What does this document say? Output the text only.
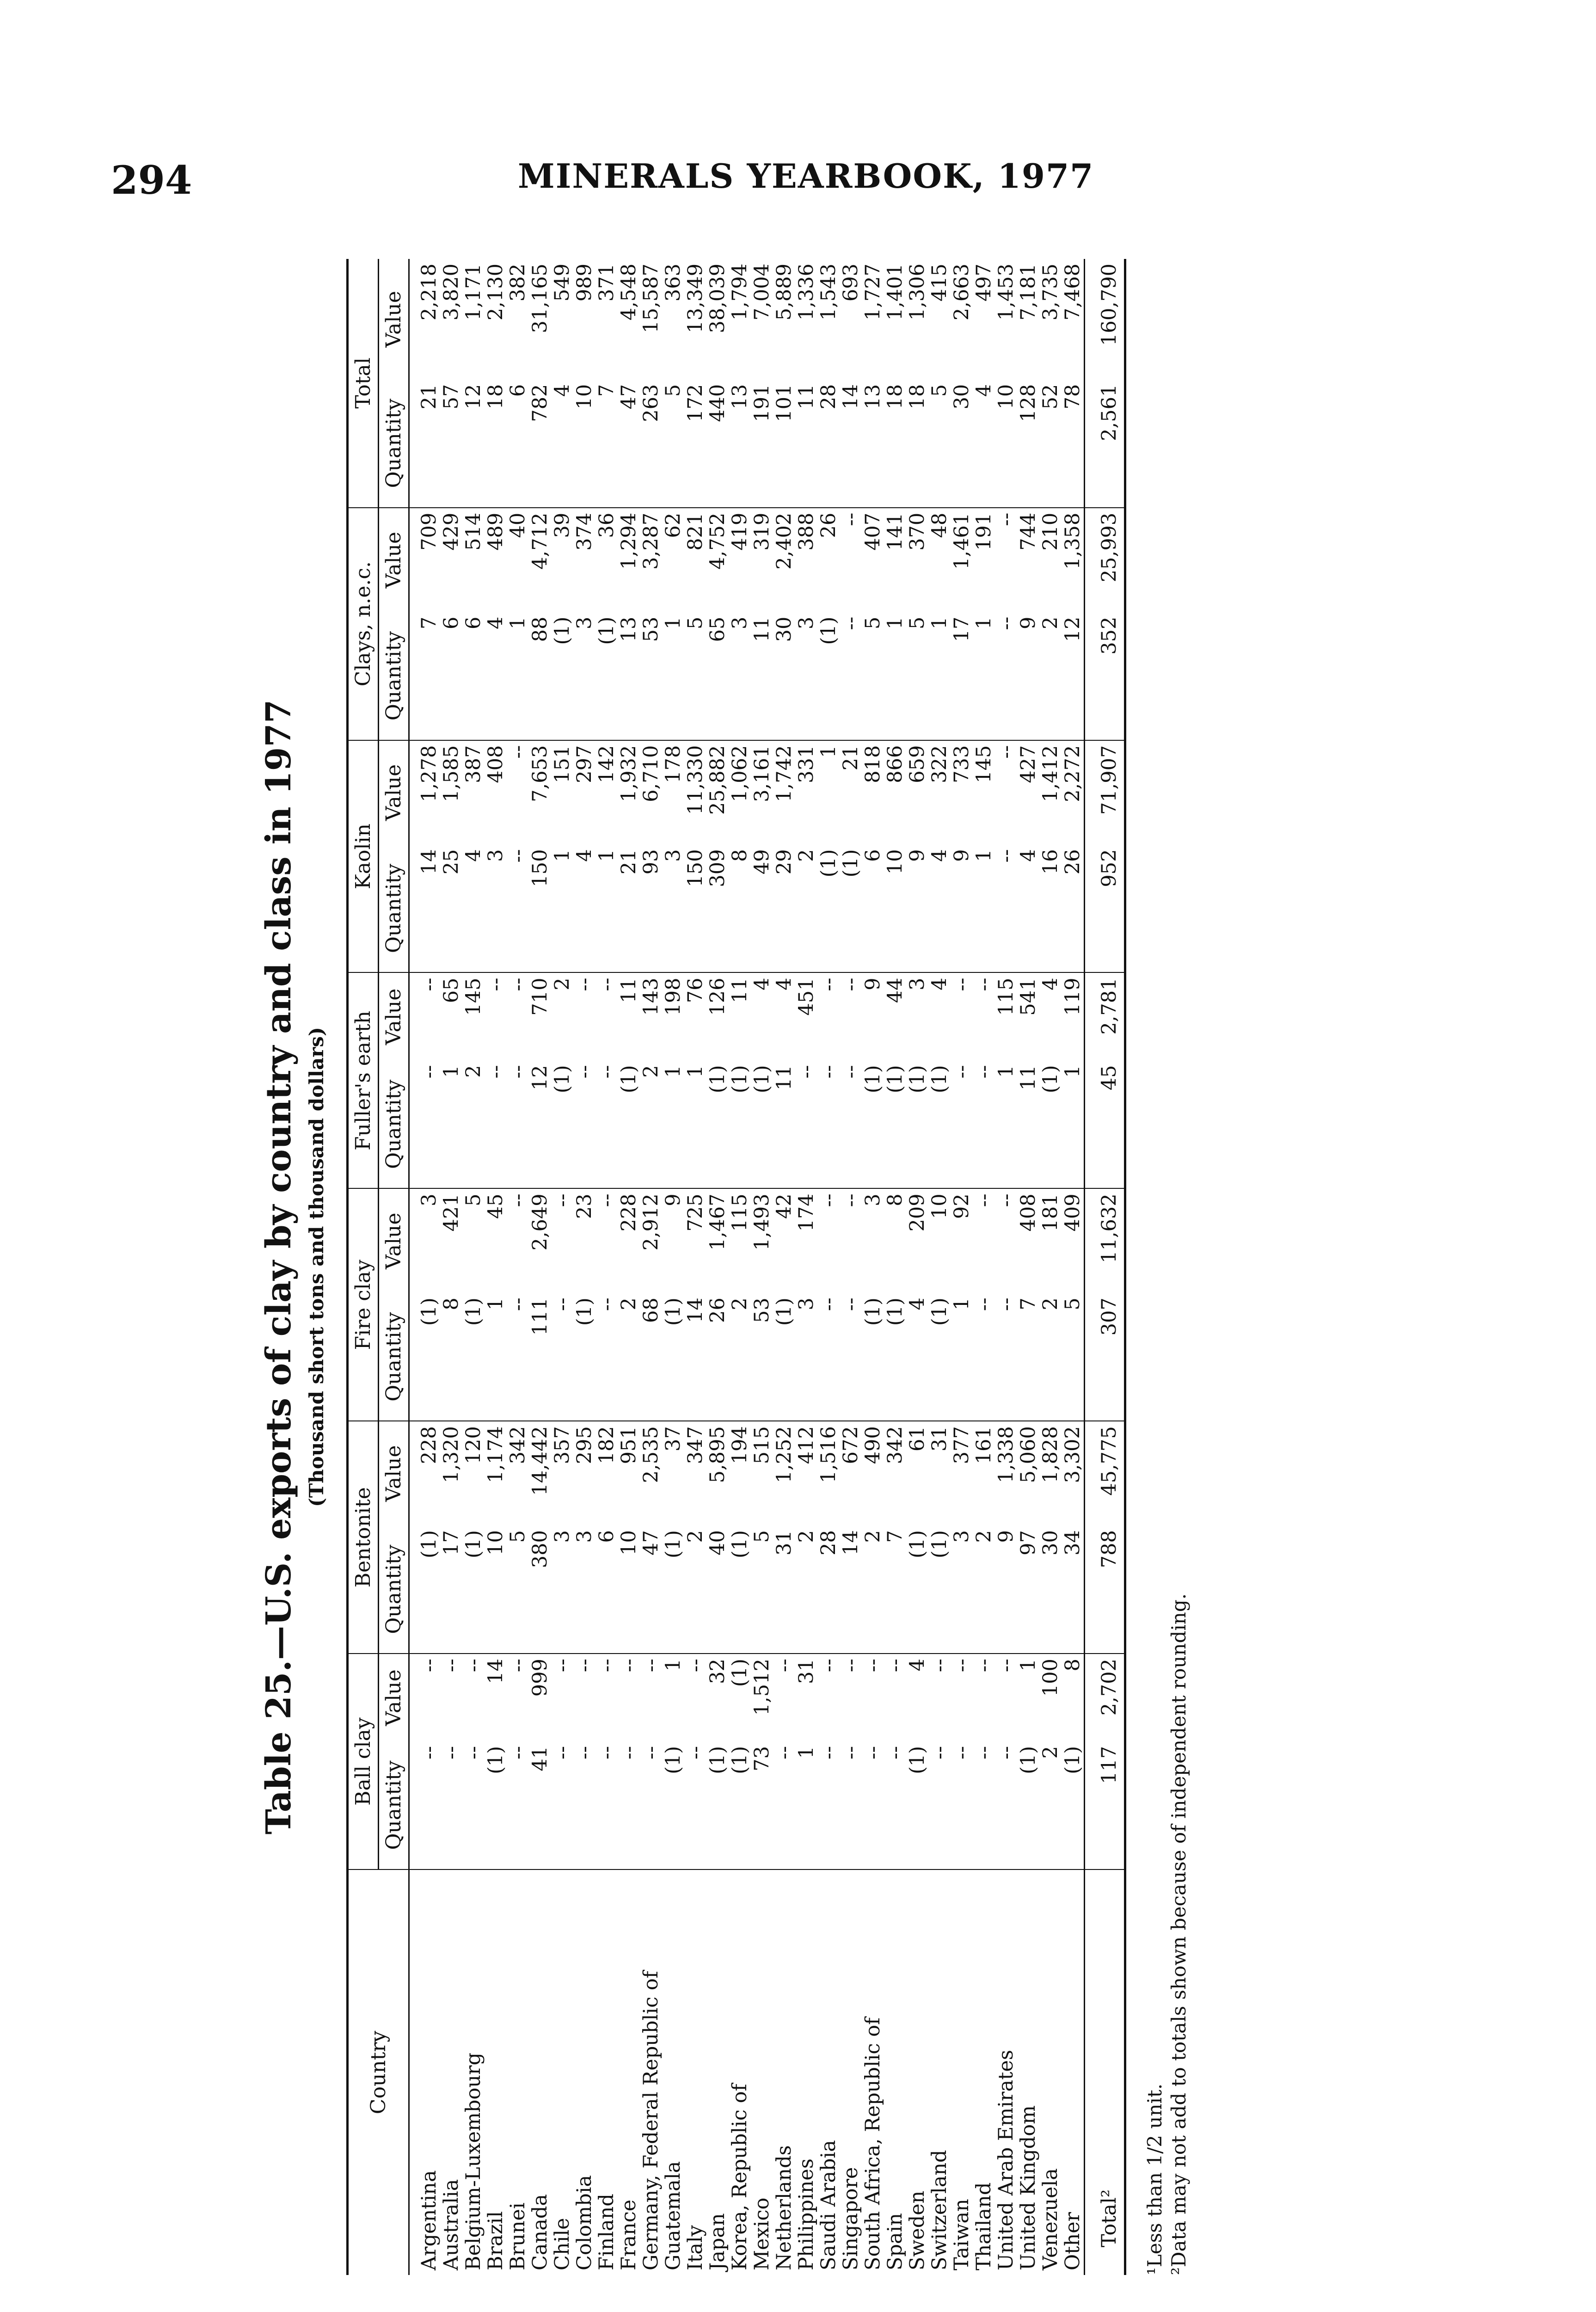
294	MINERALS YEARBOOK, 1977
Table 25.—U.S. exports of clay by country and class in 1977 (Thousand short tons and thousand dollars)
Country	Ball clay		Bentonite		Fire clay		Fuller's earth		Kaolin		Clays, n.e.c.		Total	
	Quantity	Value	Quantity	Value	Quantity	Value	Quantity	Value	Quantity	Value	Quantity	Value	Quantity	Value
Argentina	--	--	(1)	228	(1)	3	--	--	14	1,278	7	709	21	2,218
Australia	--	--	17	1,320	8	421	1	65	25	1,585	6	429	57	3,820
Belgium-Luxembourg	--	--	(1)	120	(1)	5	2	145	4	387	6	514	12	1,171
Brazil	(1)	14	10	1,174	1	45	--	--	3	408	4	489	18	2,130
Brunei	--	--	5	342	--	--	--	--	--	--	1	40	6	382
Canada	41	999	380	14,442	111	2,649	12	710	150	7,653	88	4,712	782	31,165
Chile	--	--	3	357	--	--	(1)	2	1	151	(1)	39	4	549
Colombia	--	--	3	295	(1)	23	--	--	4	297	3	374	10	989
Finland	--	--	6	182	--	--	--	--	1	142	(1)	36	7	371
France	--	--	10	951	2	228	(1)	11	21	1,932	13	1,294	47	4,548
Germany, Federal Republic of	--	--	47	2,535	68	2,912	2	143	93	6,710	53	3,287	263	15,587
Guatemala	(1)	1	(1)	37	(1)	9	1	198	3	178	1	62	5	363
Italy	--	--	2	347	14	725	1	76	150	11,330	5	821	172	13,349
Japan	(1)	32	40	5,895	26	1,467	(1)	126	309	25,882	65	4,752	440	38,039
Korea, Republic of	(1)	(1)	(1)	194	2	115	(1)	11	8	1,062	3	419	13	1,794
Mexico	73	1,512	5	515	53	1,493	(1)	4	49	3,161	11	319	191	7,004
Netherlands	--	--	31	1,252	(1)	42	11	4	29	1,742	30	2,402	101	5,889
Philippines	1	31	2	412	3	174	--	451	2	331	3	388	11	1,336
Saudi Arabia	--	--	28	1,516	--	--	--	--	(1)	1	(1)	26	28	1,543
Singapore	--	--	14	672	--	--	--	--	(1)	21	--	--	14	693
South Africa, Republic of	--	--	2	490	(1)	3	(1)	9	6	818	5	407	13	1,727
Spain	--	--	7	342	(1)	8	(1)	44	10	866	1	141	18	1,401
Sweden	(1)	4	(1)	61	4	209	(1)	3	9	659	5	370	18	1,306
Switzerland	--	--	(1)	31	(1)	10	(1)	4	4	322	1	48	5	415
Taiwan	--	--	3	377	1	92	--	--	9	733	17	1,461	30	2,663
Thailand	--	--	2	161	--	--	--	--	1	145	1	191	4	497
United Arab Emirates	--	--	9	1,338	--	--	1	115	--	--	--	--	10	1,453
United Kingdom	(1)	1	97	5,060	7	408	11	541	4	427	9	744	128	7,181
Venezuela	2	100	30	1,828	2	181	(1)	4	16	1,412	2	210	52	3,735
Other	(1)	8	34	3,302	5	409	1	119	26	2,272	12	1,358	78	7,468
Total²	117	2,702	788	45,775	307	11,632	45	2,781	952	71,907	352	25,993	2,561	160,790
¹Less than 1/2 unit. ²Data may not add to totals shown because of independent rounding.
